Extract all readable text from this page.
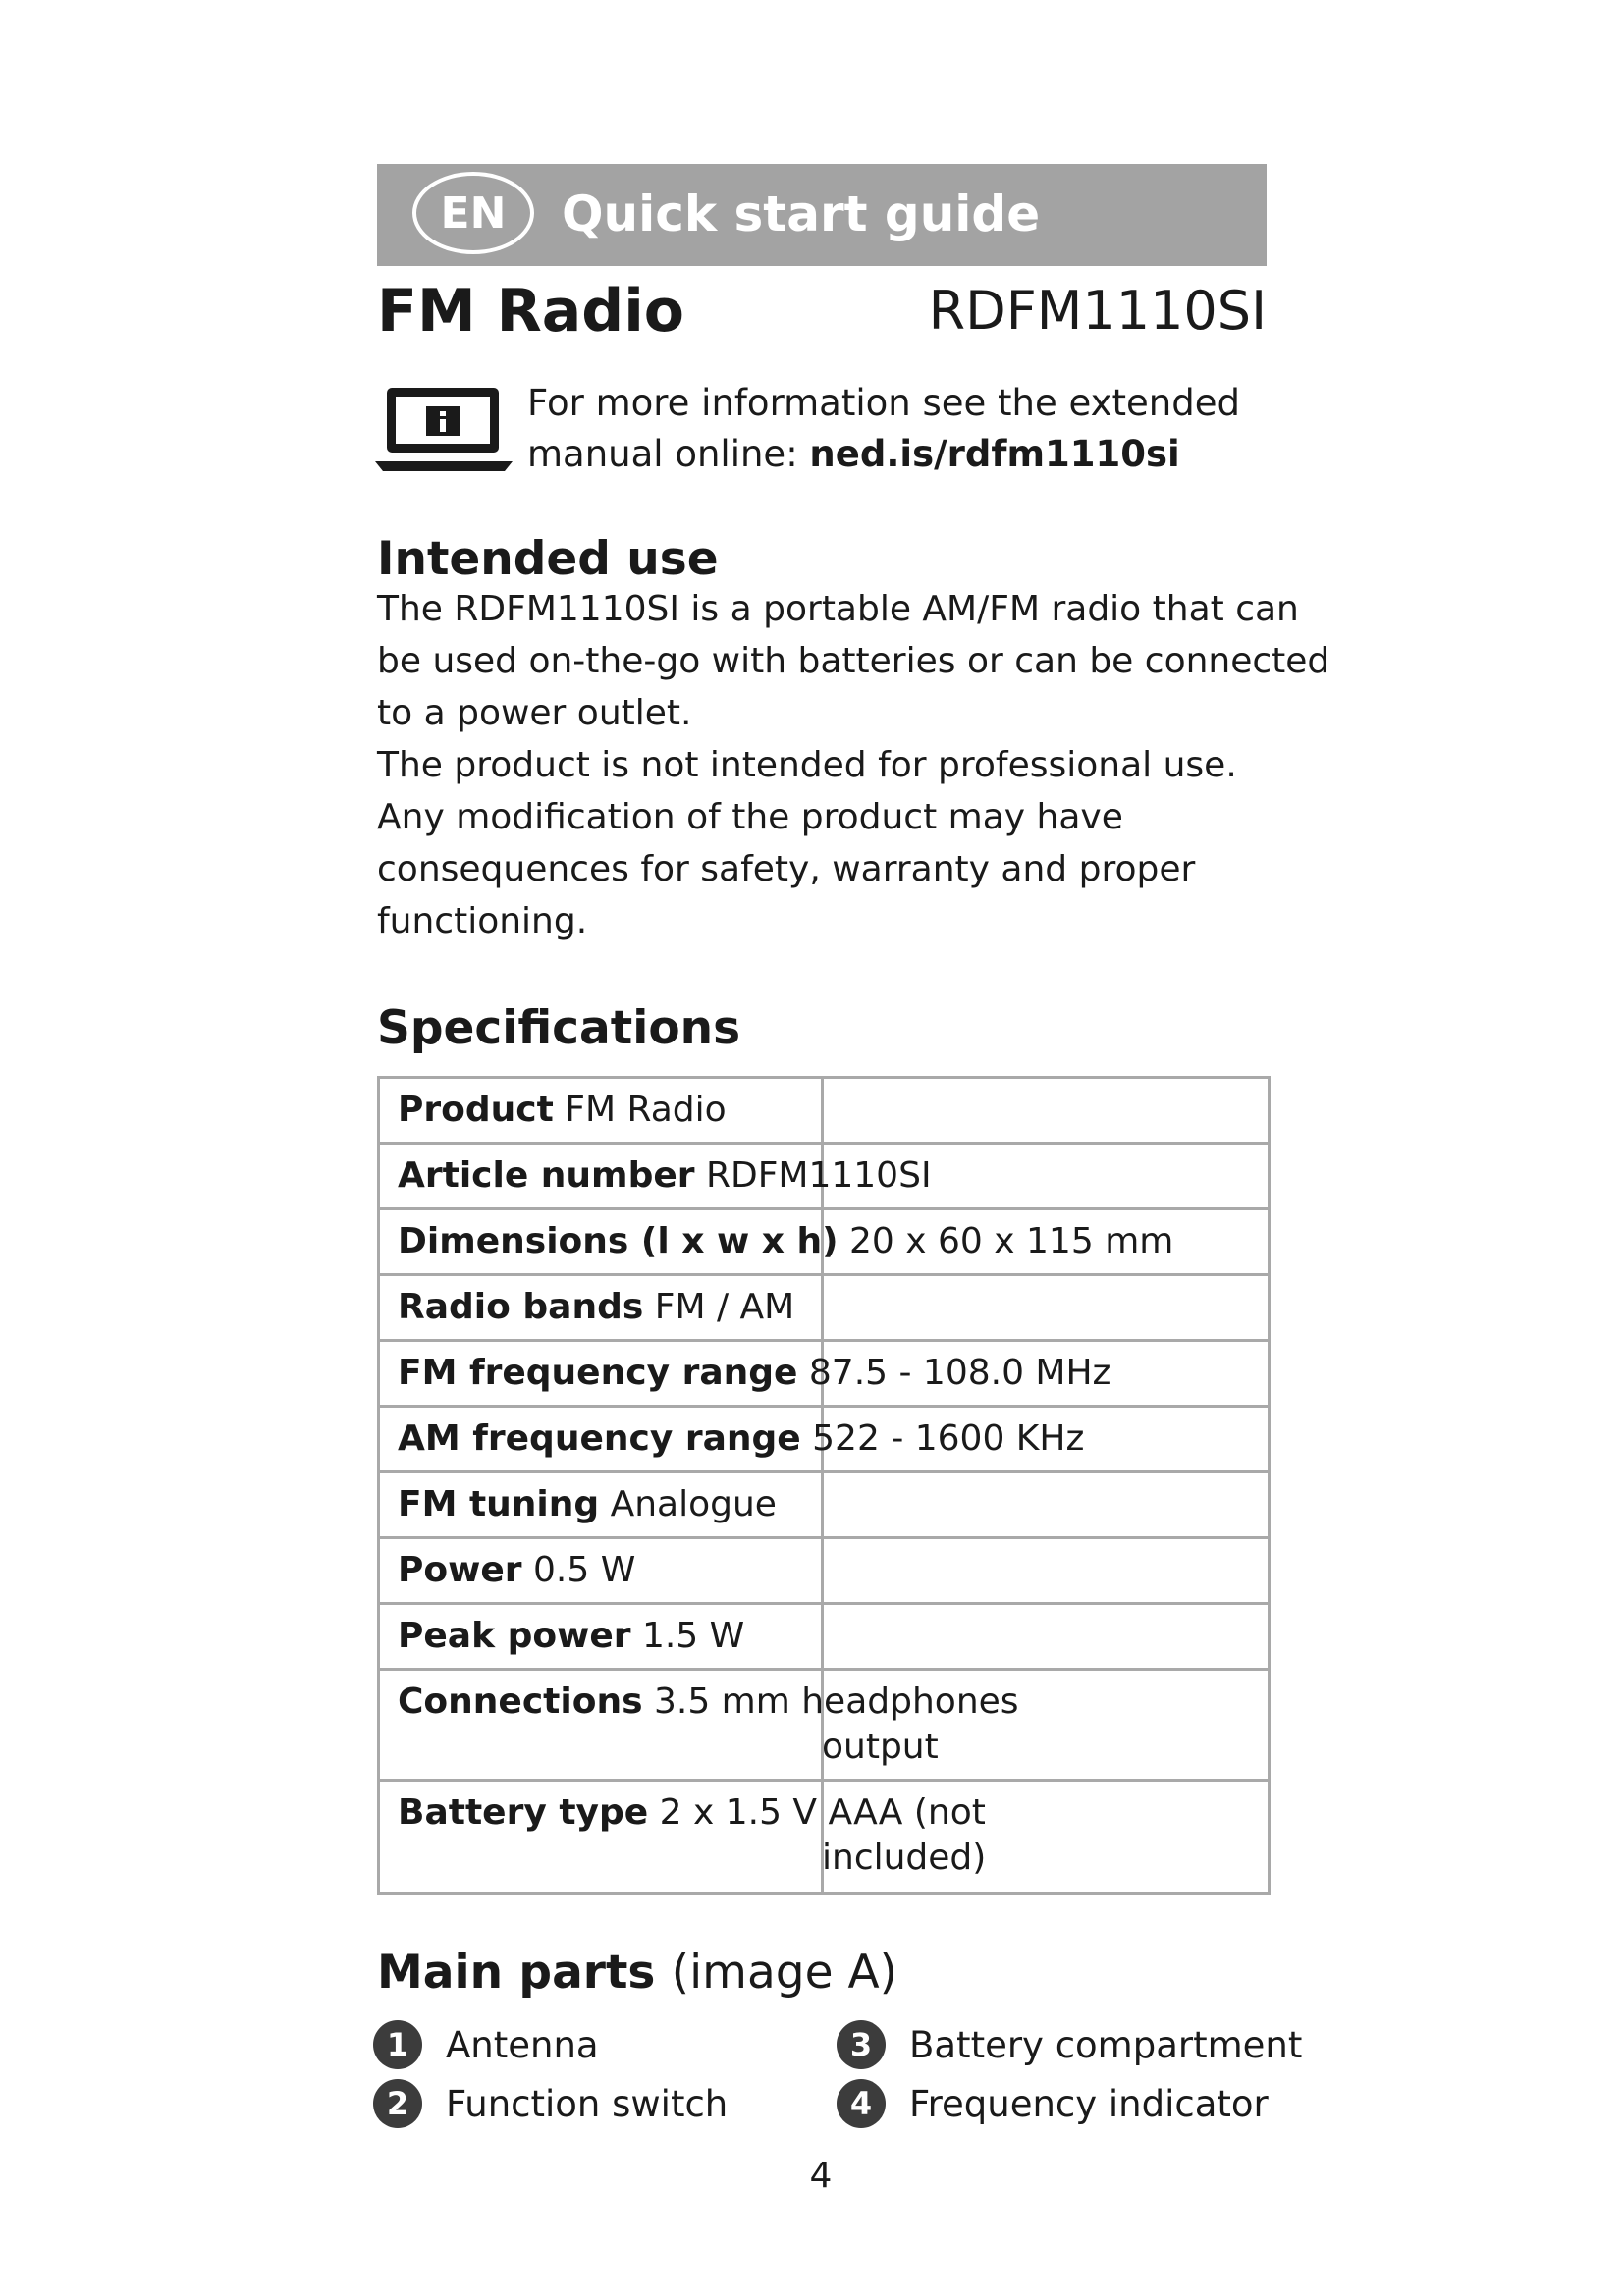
EN	Quick start guide
FM Radio	RDFM1110SI
For more information see the extended
manual online: ned.is/rdfm1110si
Intended use
The RDFM1110SI is a portable AM/FM radio that can
be used on-the-go with batteries or can be connected
to a power outlet.
The product is not intended for professional use.
Any modification of the product may have
consequences for safety, warranty and proper
functioning.
Specifications
Product FM Radio	
Article number RDFM1110SI	
Dimensions (l x w x h) 20 x 60 x 115 mm	
Radio bands FM / AM	
FM frequency range 87.5 - 108.0 MHz	
AM frequency range 522 - 1600 KHz	
FM tuning Analogue	
Power 0.5 W	
Peak power 1.5 W	
Connections 3.5 mm headphones
output	

Battery type 2 x 1.5 V AAA (not
included)	

Main parts (image A)
1	Antenna
2	Function switch
3	Battery compartment
4	Frequency indicator
4
